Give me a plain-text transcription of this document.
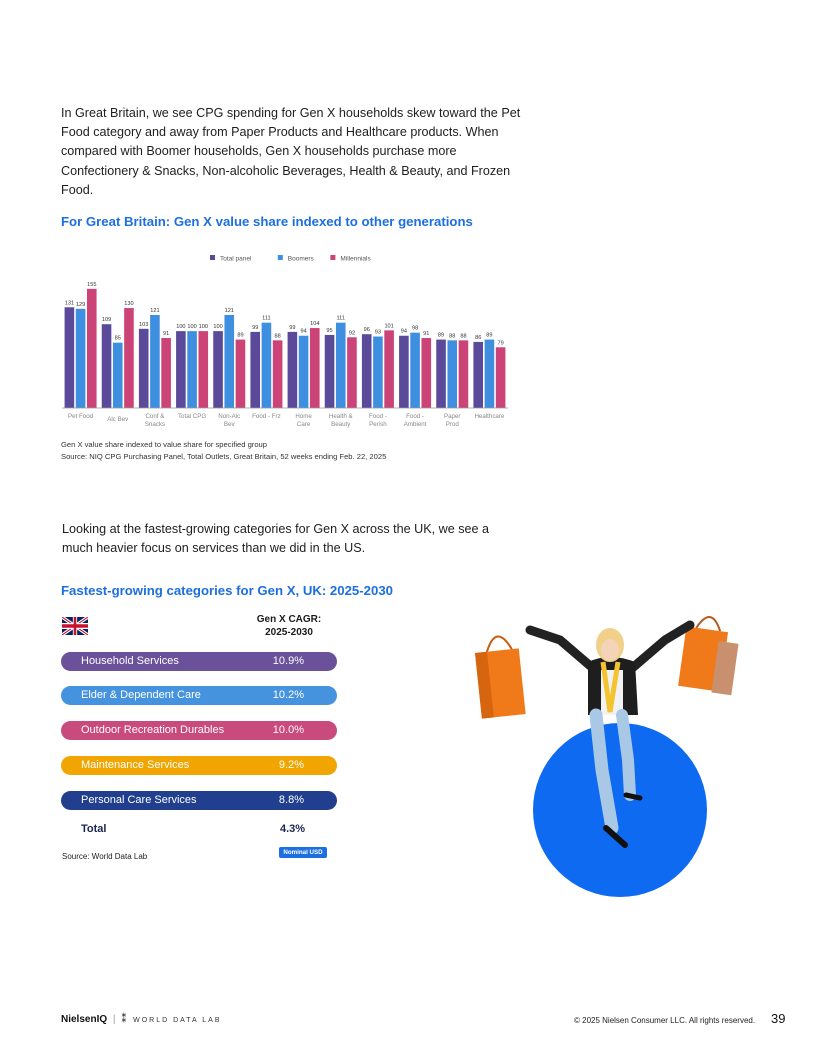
In Great Britain, we see CPG spending for Gen X households skew toward the Pet Food category and away from Paper Products and Healthcare products. When compared with Boomer households, Gen X households purchase more Confectionery & Snacks, Non-alcoholic Beverages, Health & Beauty, and Frozen Food.

For Great Britain: Gen X value share indexed to other generations
Total panel	Boomers	Millennials
131 129
155
Pet Food
109
85
130
Alc Bev
103
121
91
Conf &
Snacks
100 100 100
Total CPG
100
121
89
Non-Alc
Bev
99
111
88
Food - Frz
99
94
104
Home
Care
95
111
92
Health &
Beauty
96 93
101
Food -
Perish
94
98
91
Food -
Ambient
89 88 88
Paper
Prod
86 89
79
Healthcare
Gen X value share indexed to value share for specified group
Source: NIQ CPG Purchasing Panel, Total Outlets, Great Britain, 52 weeks ending Feb. 22, 2025

Looking at the fastest-growing categories for Gen X across the UK, we see a much heavier focus on services than we did in the US.

Fastest-growing categories for Gen X, UK: 2025-2030
Gen X CAGR:
2025-2030
Household Services	10.9%
Elder & Dependent Care	10.2%
Outdoor Recreation Durables	10.0%
Maintenance Services	9.2%
Personal Care Services	8.8%
Total	4.3%
Nominal USD
Source: World Data Lab
NielsenIQ | ⁑ WORLD DATA LAB	© 2025 Nielsen Consumer LLC. All rights reserved. 39
